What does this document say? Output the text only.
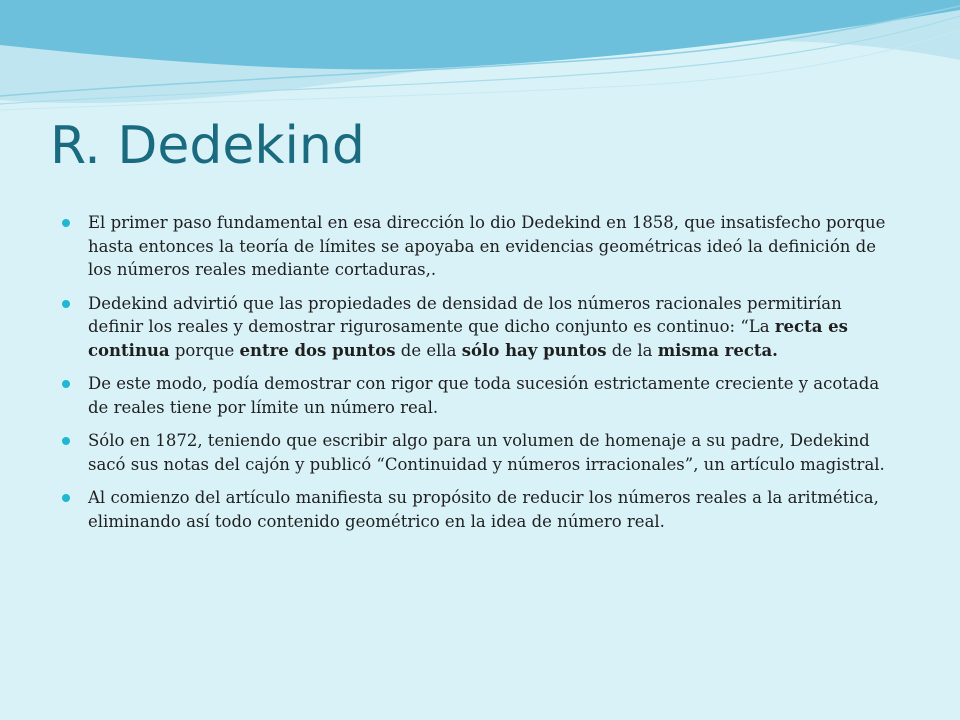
R. Dedekind
El primer paso fundamental en esa dirección lo dio Dedekind en 1858, que insatisfecho porque hasta entonces la teoría de límites se apoyaba en evidencias geométricas ideó la definición de los números reales mediante cortaduras,.
Dedekind advirtió que las propiedades de densidad de los números racionales permitirían definir los reales y demostrar rigurosamente que dicho conjunto es continuo: “La recta es continua porque entre dos puntos de ella sólo hay puntos de la misma recta.
De este modo, podía demostrar con rigor que toda sucesión estrictamente creciente y acotada de reales tiene por límite un número real.
Sólo en 1872, teniendo que escribir algo para un volumen de homenaje a su padre, Dedekind sacó sus notas del cajón y publicó “Continuidad y números irracionales”, un artículo magistral.
Al comienzo del artículo manifiesta su propósito de reducir los números reales a la aritmética, eliminando así todo contenido geométrico en la idea de número real.
